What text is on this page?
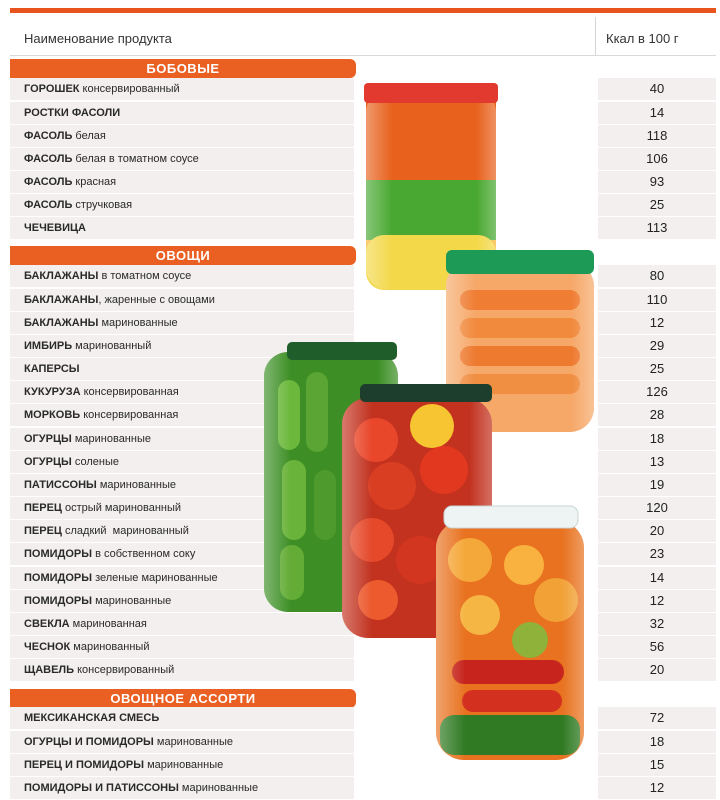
Наименование продукта	Ккал в 100 г
БОБОВЫЕ
ГОРОШЕК консервированный	40
РОСТКИ ФАСОЛИ	14
ФАСОЛЬ белая	118
ФАСОЛЬ белая в томатном соусе	106
ФАСОЛЬ красная	93
ФАСОЛЬ стручковая	25
ЧЕЧЕВИЦА	113
ОВОЩИ
БАКЛАЖАНЫ в томатном соусе	80
БАКЛАЖАНЫ, жаренные с овощами	110
БАКЛАЖАНЫ маринованные	12
ИМБИРЬ маринованный	29
КАПЕРСЫ	25
КУКУРУЗА консервированная	126
МОРКОВЬ консервированная	28
ОГУРЦЫ маринованные	18
ОГУРЦЫ соленые	13
ПАТИССОНЫ маринованные	19
ПЕРЕЦ острый маринованный	120
ПЕРЕЦ сладкий  маринованный	20
ПОМИДОРЫ в собственном соку	23
ПОМИДОРЫ зеленые маринованные	14
ПОМИДОРЫ маринованные	12
СВЕКЛА маринованная	32
ЧЕСНОК маринованный	56
ЩАВЕЛЬ консервированный	20
ОВОЩНОЕ АССОРТИ
МЕКСИКАНСКАЯ СМЕСЬ	72
ОГУРЦЫ И ПОМИДОРЫ маринованные	18
ПЕРЕЦ И ПОМИДОРЫ маринованные	15
ПОМИДОРЫ И ПАТИССОНЫ маринованные	12
